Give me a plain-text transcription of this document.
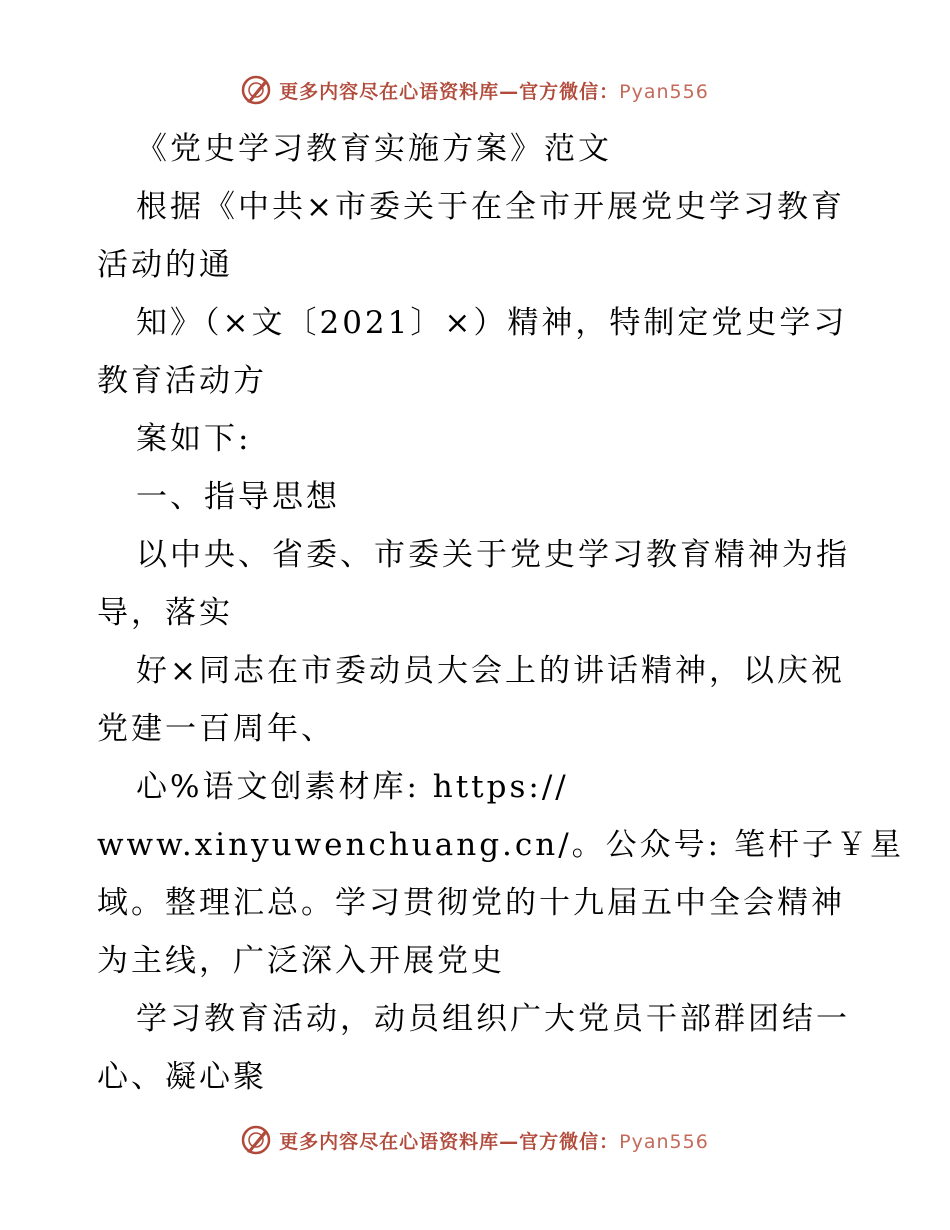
更多内容尽在心语资料库—官方微信：Pyan556
《党史学习教育实施方案》范文
根据《中共×市委关于在全市开展党史学习教育
活动的通
知》（×文〔2021〕×）精神，特制定党史学习
教育活动方
案如下:
一、指导思想
以中央、省委、市委关于党史学习教育精神为指
导，落实
好×同志在市委动员大会上的讲话精神，以庆祝
党建一百周年、
心%语文创素材库: https://
www.xinyuwenchuang.cn/。公众号: 笔杆子￥星
域。整理汇总。学习贯彻党的十九届五中全会精神
为主线，广泛深入开展党史
学习教育活动，动员组织广大党员干部群团结一
心、凝心聚
更多内容尽在心语资料库—官方微信：Pyan556
